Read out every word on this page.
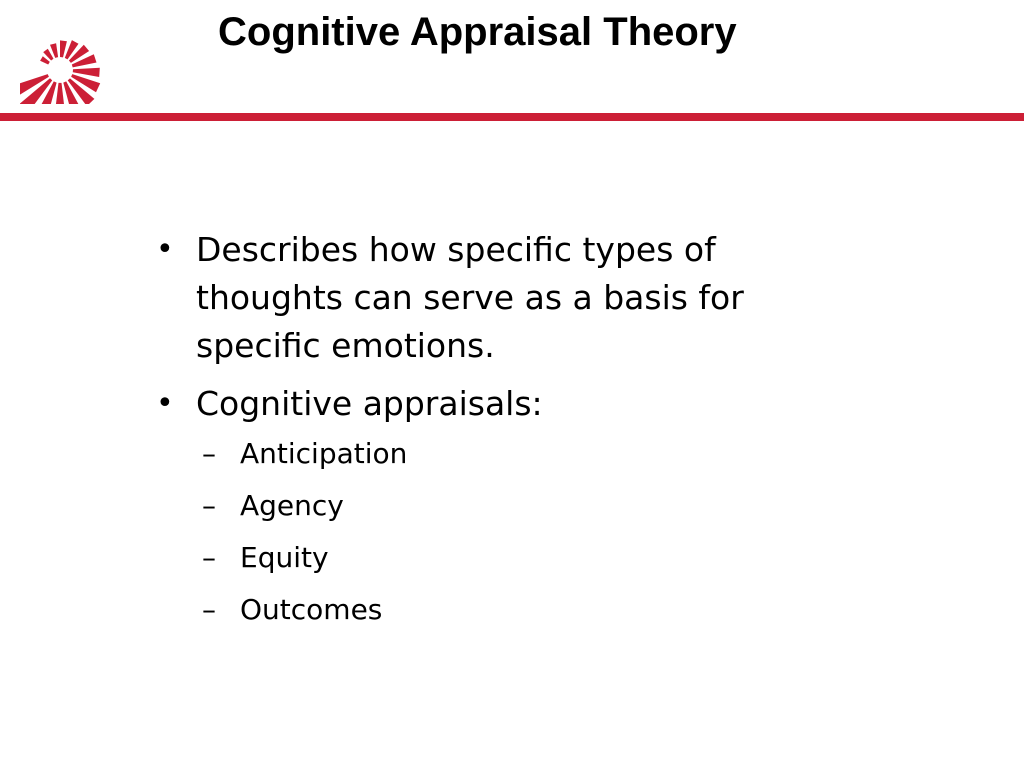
Cognitive Appraisal Theory
• Describes how specific types of
thoughts can serve as a basis for
specific emotions.
• Cognitive appraisals:
– Anticipation
– Agency
– Equity
– Outcomes
